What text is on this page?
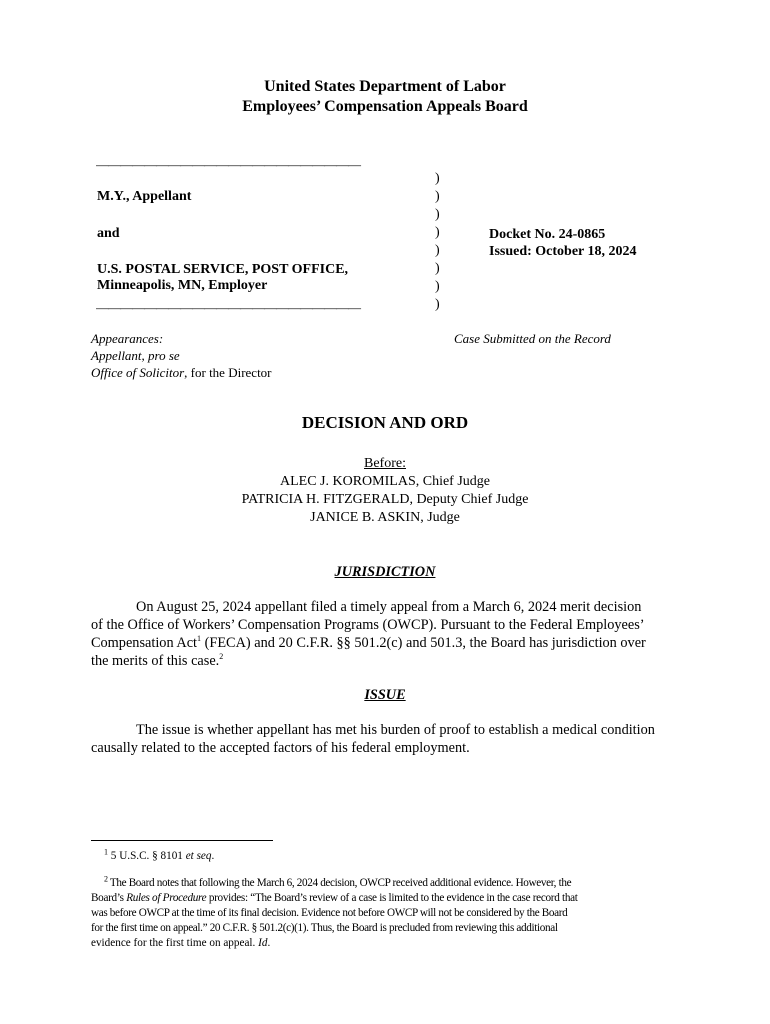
United States Department of Labor
Employees’ Compensation Appeals Board
——————————————————————
M.Y., Appellant
and
U.S. POSTAL SERVICE, POST OFFICE,
Minneapolis, MN, Employer
——————————————————————
)
)
)
)
)
)
)
)
Docket No. 24-0865
Issued: October 18, 2024
Appearances:
Appellant, pro se
Office of Solicitor, for the Director
Case Submitted on the Record
DECISION AND ORD
Before:
ALEC J. KOROMILAS, Chief Judge
PATRICIA H. FITZGERALD, Deputy Chief Judge
JANICE B. ASKIN, Judge
JURISDICTION
On August 25, 2024 appellant filed a timely appeal from a March 6, 2024 merit decision
of the Office of Workers’ Compensation Programs (OWCP). Pursuant to the Federal Employees’
Compensation Act$^1$ (FECA) and 20 C.F.R. §§ 501.2(c) and 501.3, the Board has jurisdiction over
the merits of this case.$^2$
ISSUE
The issue is whether appellant has met his burden of proof to establish a medical condition
causally related to the accepted factors of his federal employment.
$^1$ 5 U.S.C. § 8101 et seq.
$^2$ The Board notes that following the March 6, 2024 decision, OWCP received additional evidence. However, the
Board’s Rules of Procedure provides: “The Board’s review of a case is limited to the evidence in the case record that
was before OWCP at the time of its final decision. Evidence not before OWCP will not be considered by the Board
for the first time on appeal.” 20 C.F.R. § 501.2(c)(1). Thus, the Board is precluded from reviewing this additional
evidence for the first time on appeal. Id.
